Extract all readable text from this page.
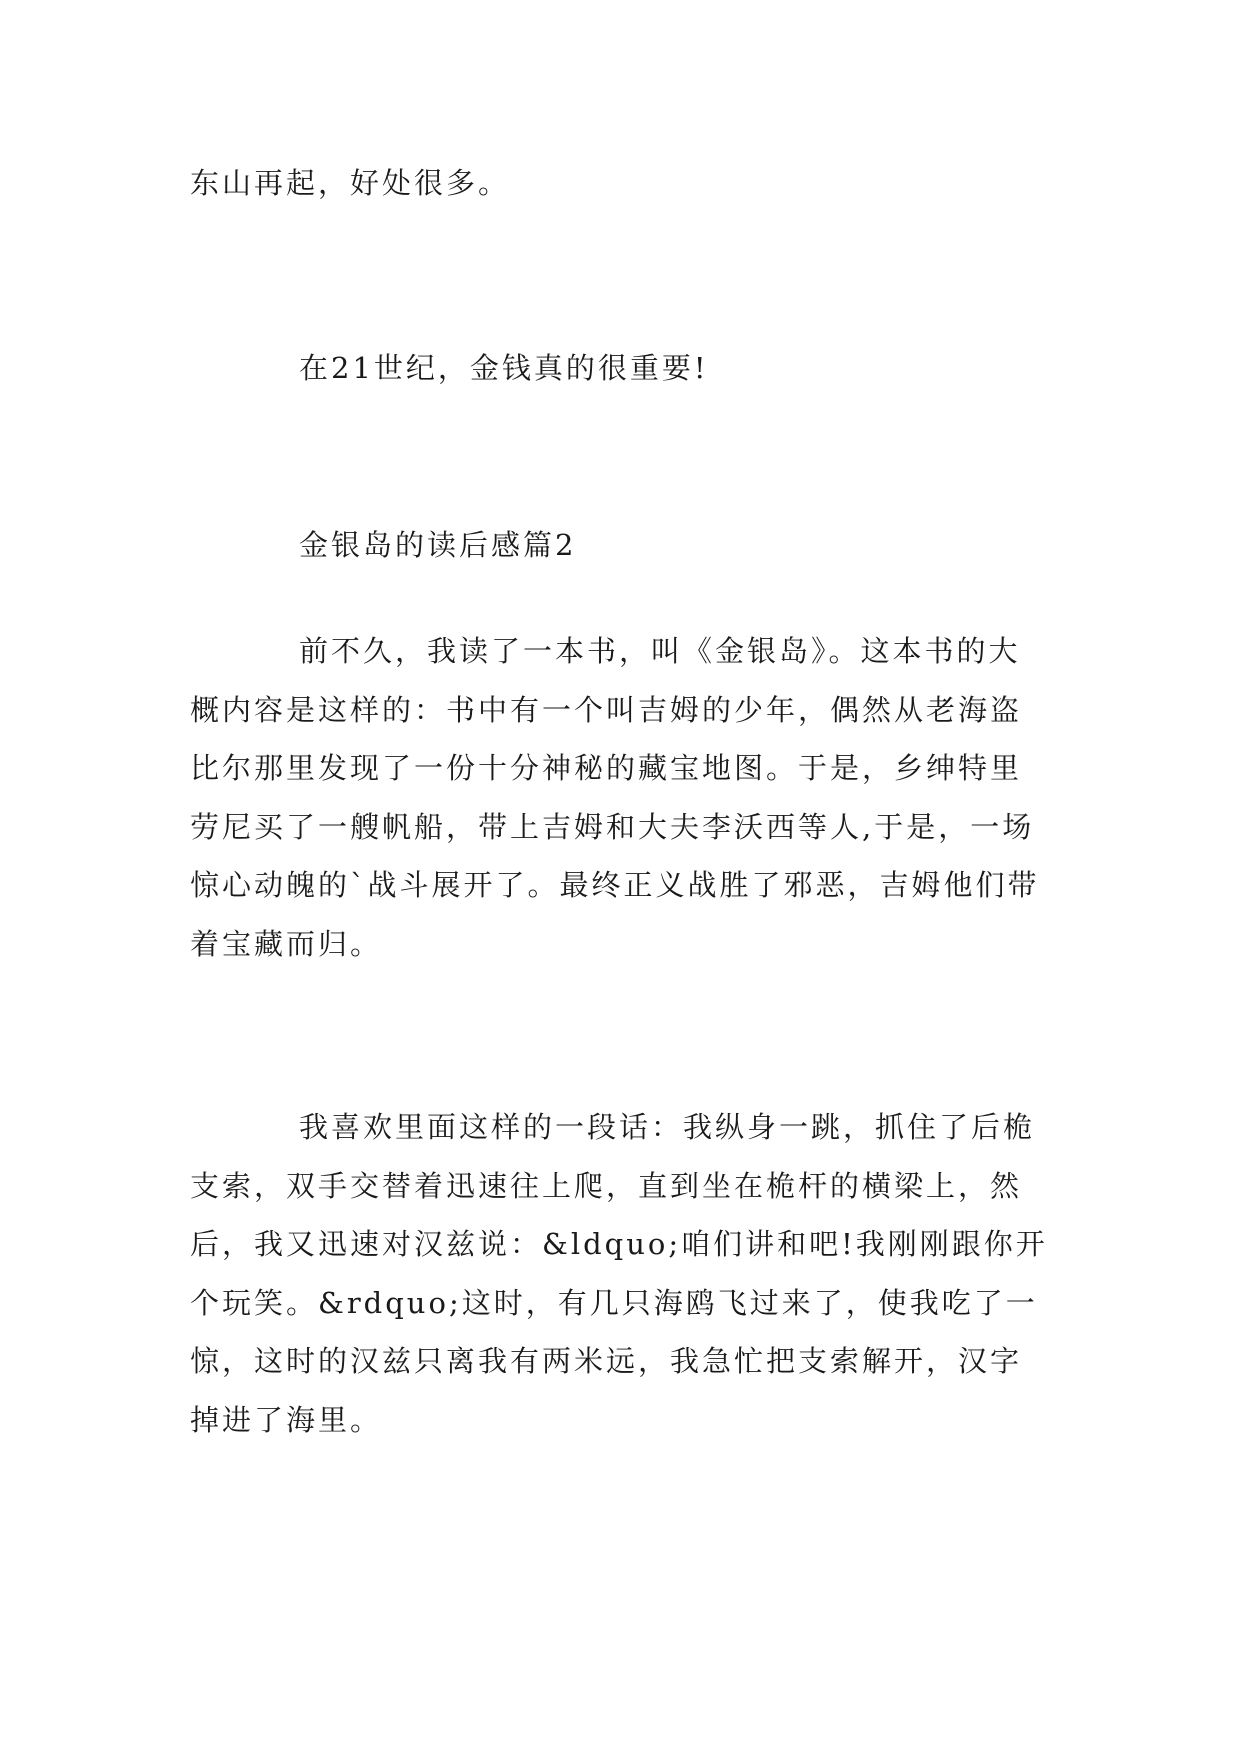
东山再起，好处很多。

在21世纪，金钱真的很重要!

金银岛的读后感篇2

前不久，我读了一本书，叫《金银岛》。这本书的大概内容是这样的：书中有一个叫吉姆的少年，偶然从老海盗比尔那里发现了一份十分神秘的藏宝地图。于是，乡绅特里劳尼买了一艘帆船，带上吉姆和大夫李沃西等人,于是，一场惊心动魄的`战斗展开了。最终正义战胜了邪恶，吉姆他们带着宝藏而归。

我喜欢里面这样的一段话：我纵身一跳，抓住了后桅支索，双手交替着迅速往上爬，直到坐在桅杆的横梁上，然后，我又迅速对汉兹说：&ldquo;咱们讲和吧!我刚刚跟你开个玩笑。&rdquo;这时，有几只海鸥飞过来了，使我吃了一惊，这时的汉兹只离我有两米远，我急忙把支索解开，汉字掉进了海里。
